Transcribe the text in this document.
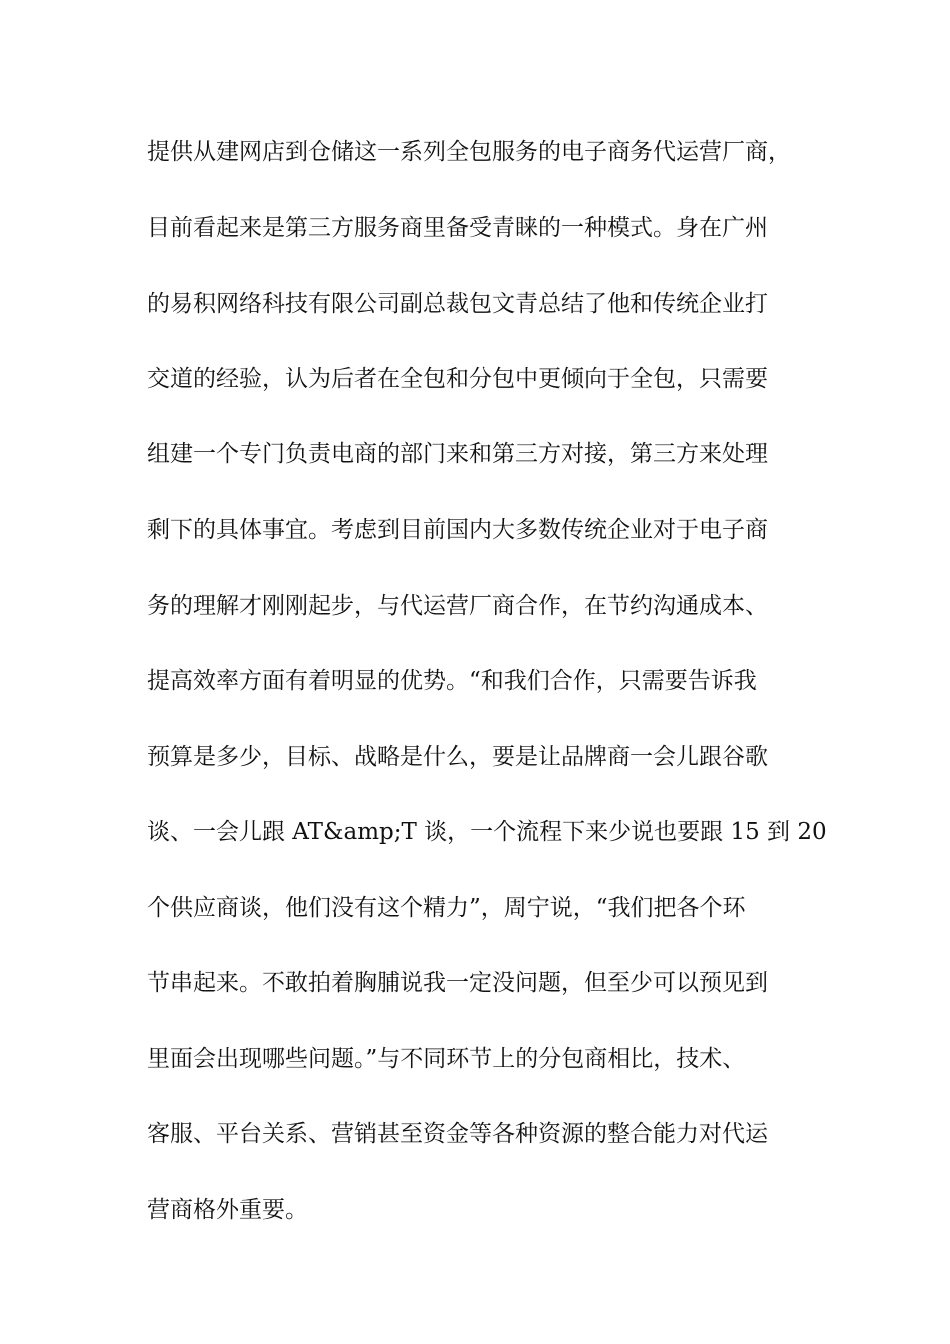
提供从建网店到仓储这一系列全包服务的电子商务代运营厂商，

目前看起来是第三方服务商里备受青睐的一种模式。身在广州

的易积网络科技有限公司副总裁包文青总结了他和传统企业打

交道的经验，认为后者在全包和分包中更倾向于全包，只需要

组建一个专门负责电商的部门来和第三方对接，第三方来处理

剩下的具体事宜。考虑到目前国内大多数传统企业对于电子商

务的理解才刚刚起步，与代运营厂商合作，在节约沟通成本、

提高效率方面有着明显的优势。“和我们合作，只需要告诉我

预算是多少，目标、战略是什么，要是让品牌商一会儿跟谷歌

谈、一会儿跟 AT&amp;T 谈，一个流程下来少说也要跟 15 到 20

个供应商谈，他们没有这个精力”，周宁说，“我们把各个环

节串起来。不敢拍着胸脯说我一定没问题，但至少可以预见到

里面会出现哪些问题。”与不同环节上的分包商相比，技术、

客服、平台关系、营销甚至资金等各种资源的整合能力对代运

营商格外重要。
